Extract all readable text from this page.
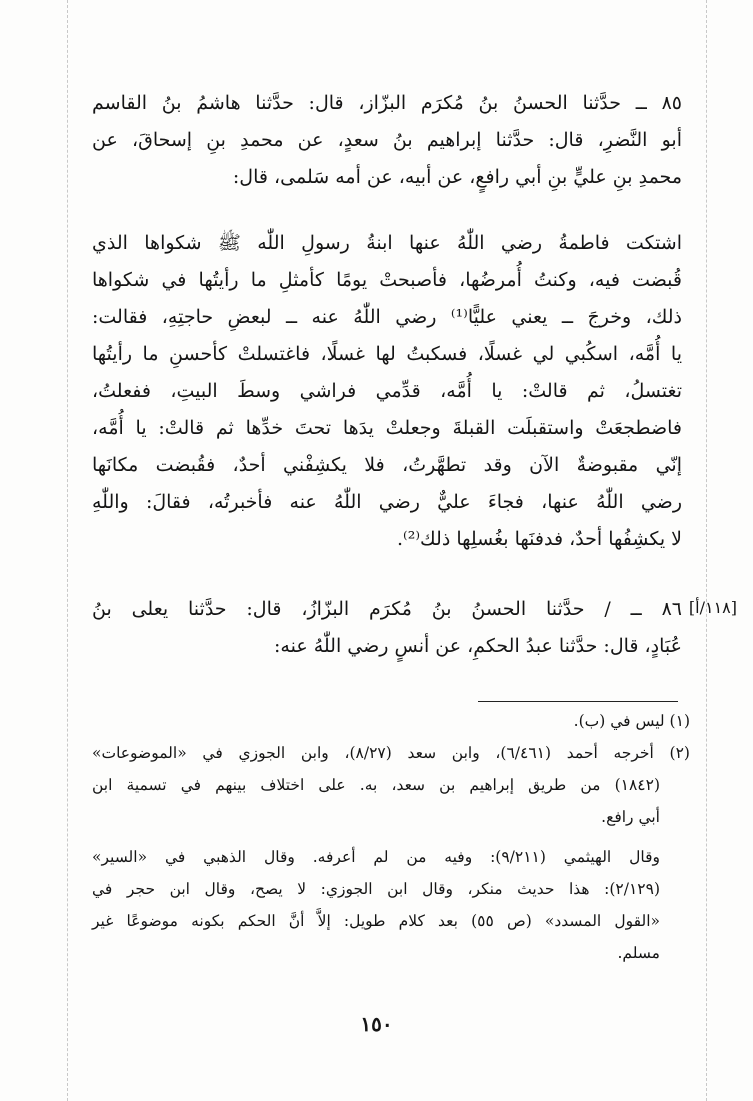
٨٥ ــ حدَّثنا الحسنُ بنُ مُكرَم البزّاز، قال: حدَّثنا هاشمُ بنُ القاسم
أبو النَّضرِ، قال: حدَّثنا إبراهيم بنُ سعدٍ، عن محمدِ بنِ إسحاقَ، عن
محمدِ بنِ عليٍّ بنِ أبي رافعٍ، عن أبيه، عن أمه سَلمى، قال:
اشتكت فاطمةُ رضي اللّٰهُ عنها ابنةُ رسولِ اللّٰه ﷺ شكواها الذي
قُبضت فيه، وكنتُ أُمرضُها، فأصبحتْ يومًا كأمثلِ ما رأيتُها في شكواها
ذلك، وخرجَ ــ يعني عليًّا⁽¹⁾ رضي اللّٰهُ عنه ــ لبعضِ حاجتِهِ، فقالت:
يا أُمَّه، اسكُبي لي غسلًا، فسكبتُ لها غسلًا، فاغتسلتْ كأحسنِ ما رأيتُها
تغتسلُ، ثم قالتْ: يا أُمَّه، قدِّمي فراشي وسطَ البيتِ، ففعلتُ،
فاضطجعَتْ واستقبلَت القبلةَ وجعلتْ يدَها تحتَ خدِّها ثم قالتْ: يا أُمَّه،
إنّي مقبوضةٌ الآن وقد تطهَّرتُ، فلا يكشِفْني أحدٌ، فقُبضت مكانَها
رضي اللّٰهُ عنها، فجاءَ عليٌّ رضي اللّٰهُ عنه فأخبرتُه، فقالَ: واللّٰهِ
لا يكشِفُها أحدٌ، فدفنَها بغُسلِها ذلك⁽²⁾.
[١١٨/أ]
٨٦ ــ / حدَّثنا الحسنُ بنُ مُكرَم البزّازُ، قال: حدَّثنا يعلى بنُ
عُبَادٍ، قال: حدَّثنا عبدُ الحكمِ، عن أنسٍ رضي اللّٰهُ عنه:
(١) ليس في (ب).
(٢) أخرجه أحمد (٦/٤٦١)، وابن سعد (٨/٢٧)، وابن الجوزي في «الموضوعات»
(١٨٤٢) من طريق إبراهيم بن سعد، به. على اختلاف بينهم في تسمية ابن
أبي رافع.
وقال الهيثمي (٩/٢١١): وفيه من لم أعرفه. وقال الذهبي في «السير»
(٢/١٢٩): هذا حديث منكر، وقال ابن الجوزي: لا يصح، وقال ابن حجر في
«القول المسدد» (ص ٥٥) بعد كلام طويل: إلاَّ أنَّ الحكم بكونه موضوعًا غير
مسلم.
١٥٠
